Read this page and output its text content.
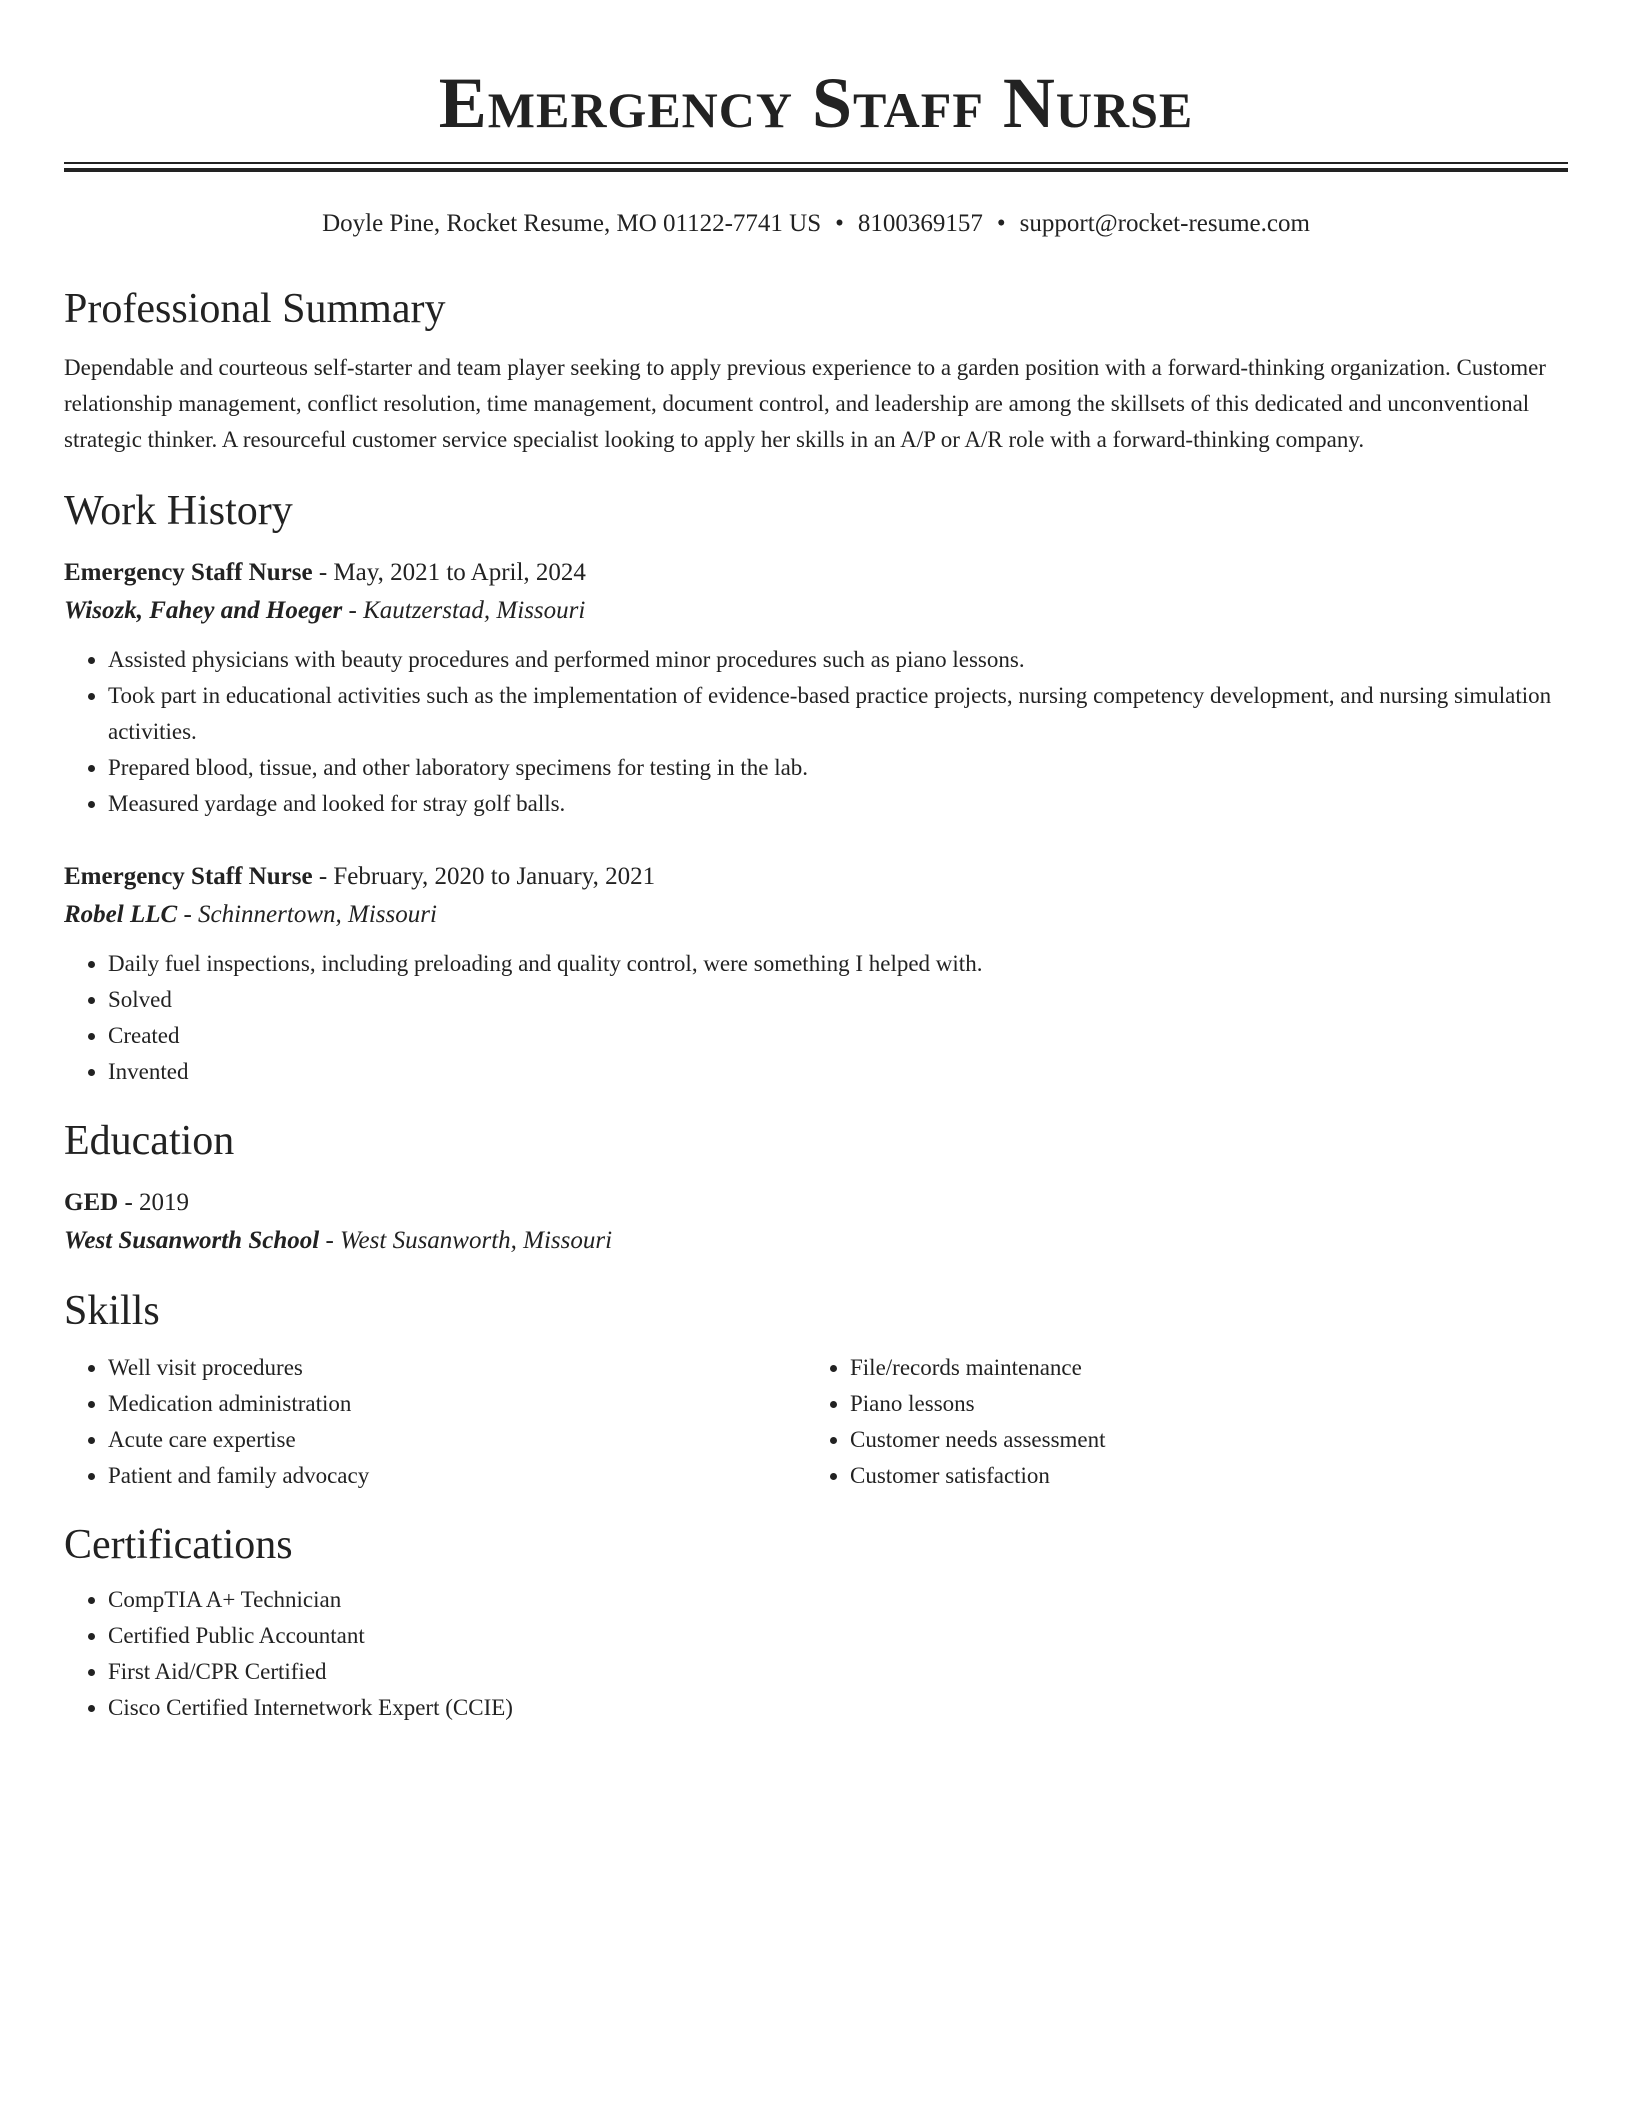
Emergency Staff Nurse
Doyle Pine, Rocket Resume, MO 01122-7741 US • 8100369157 • support@rocket-resume.com
Professional Summary
Dependable and courteous self-starter and team player seeking to apply previous experience to a garden position with a forward-thinking organization. Customer relationship management, conflict resolution, time management, document control, and leadership are among the skillsets of this dedicated and unconventional strategic thinker. A resourceful customer service specialist looking to apply her skills in an A/P or A/R role with a forward-thinking company.
Work History
Emergency Staff Nurse - May, 2021 to April, 2024
Wisozk, Fahey and Hoeger - Kautzerstad, Missouri
• Assisted physicians with beauty procedures and performed minor procedures such as piano lessons.
• Took part in educational activities such as the implementation of evidence-based practice projects, nursing competency development, and nursing simulation activities.
• Prepared blood, tissue, and other laboratory specimens for testing in the lab.
• Measured yardage and looked for stray golf balls.
Emergency Staff Nurse - February, 2020 to January, 2021
Robel LLC - Schinnertown, Missouri
• Daily fuel inspections, including preloading and quality control, were something I helped with.
• Solved
• Created
• Invented
Education
GED - 2019
West Susanworth School - West Susanworth, Missouri
Skills
• Well visit procedures
• Medication administration
• Acute care expertise
• Patient and family advocacy
• File/records maintenance
• Piano lessons
• Customer needs assessment
• Customer satisfaction
Certifications
• CompTIA A+ Technician
• Certified Public Accountant
• First Aid/CPR Certified
• Cisco Certified Internetwork Expert (CCIE)
